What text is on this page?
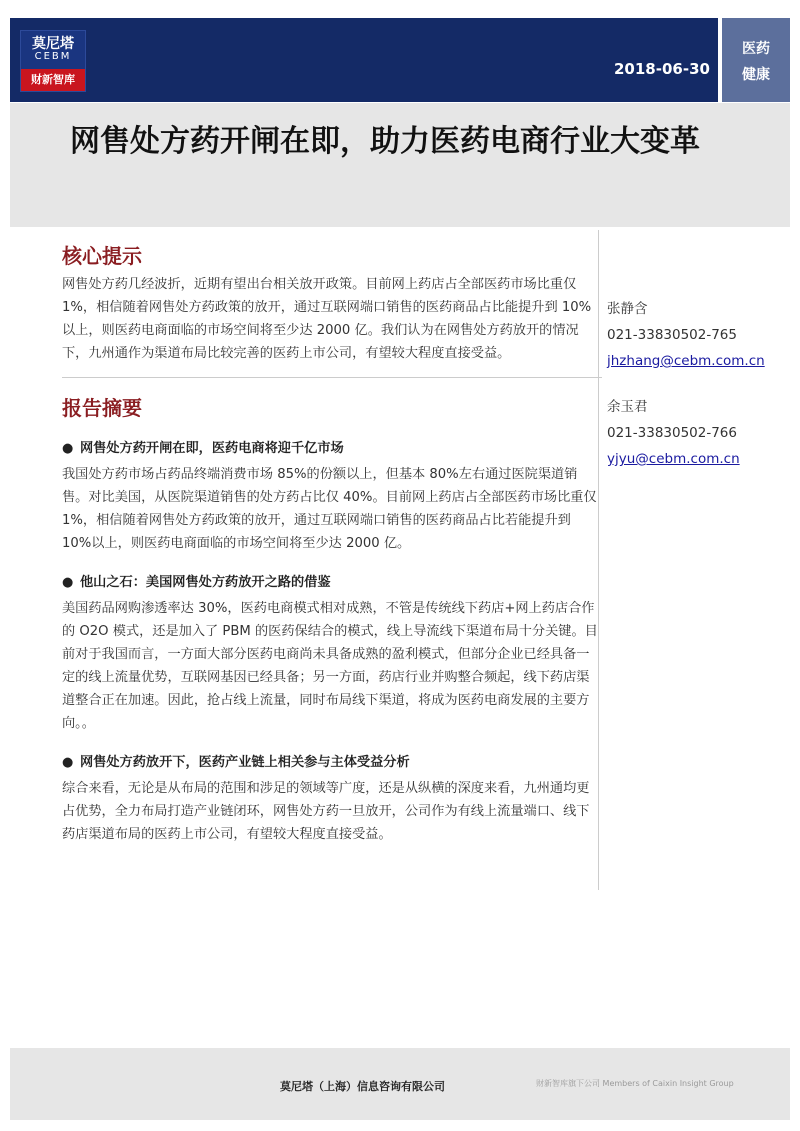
莫尼塔
CEBM
财新智库
2018-06-30
医药
健康
网售处方药开闸在即，助力医药电商行业大变革
核心提示

网售处方药几经波折，近期有望出台相关放开政策。目前网上药店占全部医药市场比重仅 1%，相信随着网售处方药政策的放开，通过互联网端口销售的医药商品占比能提升到 10%以上，则医药电商面临的市场空间将至少达 2000 亿。我们认为在网售处方药放开的情况下，九州通作为渠道布局比较完善的医药上市公司，有望较大程度直接受益。

报告摘要
● 网售处方药开闸在即，医药电商将迎千亿市场

我国处方药市场占药品终端消费市场 85%的份额以上，但基本 80%左右通过医院渠道销售。对比美国，从医院渠道销售的处方药占比仅 40%。目前网上药店占全部医药市场比重仅 1%，相信随着网售处方药政策的放开，通过互联网端口销售的医药商品占比若能提升到 10%以上，则医药电商面临的市场空间将至少达 2000 亿。

● 他山之石：美国网售处方药放开之路的借鉴

美国药品网购渗透率达 30%，医药电商模式相对成熟，不管是传统线下药店+网上药店合作的 O2O 模式，还是加入了 PBM 的医药保结合的模式，线上导流线下渠道布局十分关键。目前对于我国而言，一方面大部分医药电商尚未具备成熟的盈利模式，但部分企业已经具备一定的线上流量优势，互联网基因已经具备；另一方面，药店行业并购整合频起，线下药店渠道整合正在加速。因此，抢占线上流量，同时布局线下渠道，将成为医药电商发展的主要方向。。

● 网售处方药放开下，医药产业链上相关参与主体受益分析

综合来看，无论是从布局的范围和涉足的领域等广度，还是从纵横的深度来看，九州通均更占优势，全力布局打造产业链闭环，网售处方药一旦放开，公司作为有线上流量端口、线下药店渠道布局的医药上市公司，有望较大程度直接受益。

张静含
021-33830502-765
jhzhang@cebm.com.cn
余玉君
021-33830502-766
yjyu@cebm.com.cn
莫尼塔（上海）信息咨询有限公司	财新智库旗下公司 Members of Caixin Insight Group
